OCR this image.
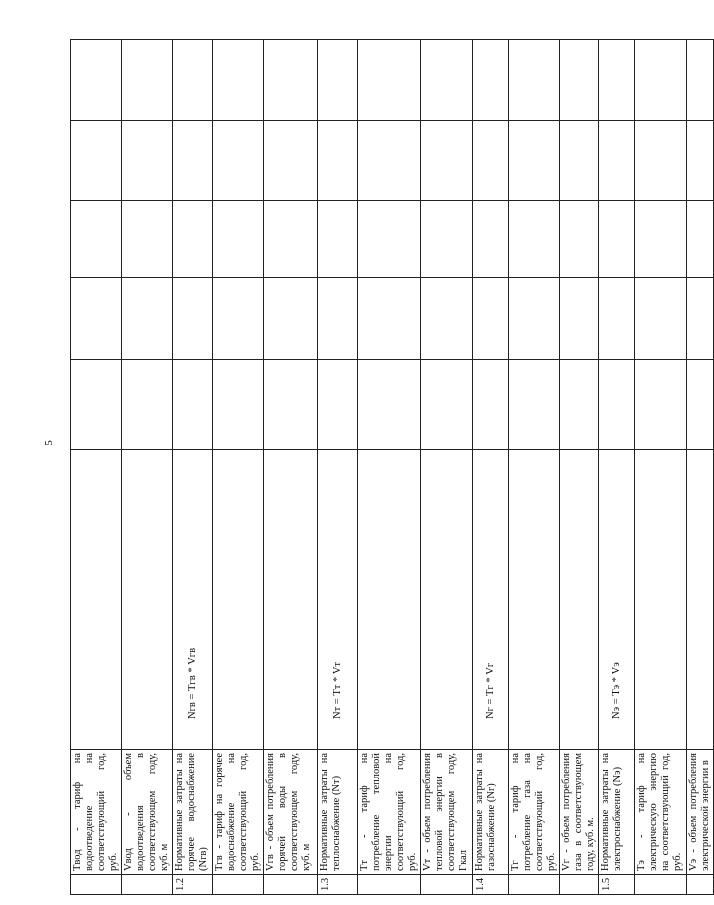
5
	Tвод - тариф на водоотведение на соответствующий год, руб.						
	Vвод - объем водоотведения в соответствующем году, куб. м						
1.2	Нормативные затраты на горячее водоснабжение (Nгв)	Nгв = Тгв * Vгв					
	Tгв - тариф на горячее водоснабжение на соответствующий год, руб.						
	Vгв - объем потребления горячей воды в соответствующем году, куб. м						
1.3	Нормативные затраты на теплоснабжение (Nт)	Nт = Тт * Vт					
	Тт - тариф на потребление тепловой энергии на соответствующий год, руб.						
	Vт - объем потребления тепловой энергии в соответствующем году, Гкал						
1.4	Нормативные затраты на газоснабжение (Nг)	Nг = Тг * Vг					
	Тг - тариф на потребление газа на соответствующий год, руб.						
	Vг - объем потребления газа в соответствующем году, куб. м.						
1.5	Нормативные затраты на электроснабжение (Nэ)	Nэ = Тэ * Vэ					
	Тэ - тариф на электрическую энергию на соответствующий год, руб.						
	Vэ - объем потребления электрической энергии в						
